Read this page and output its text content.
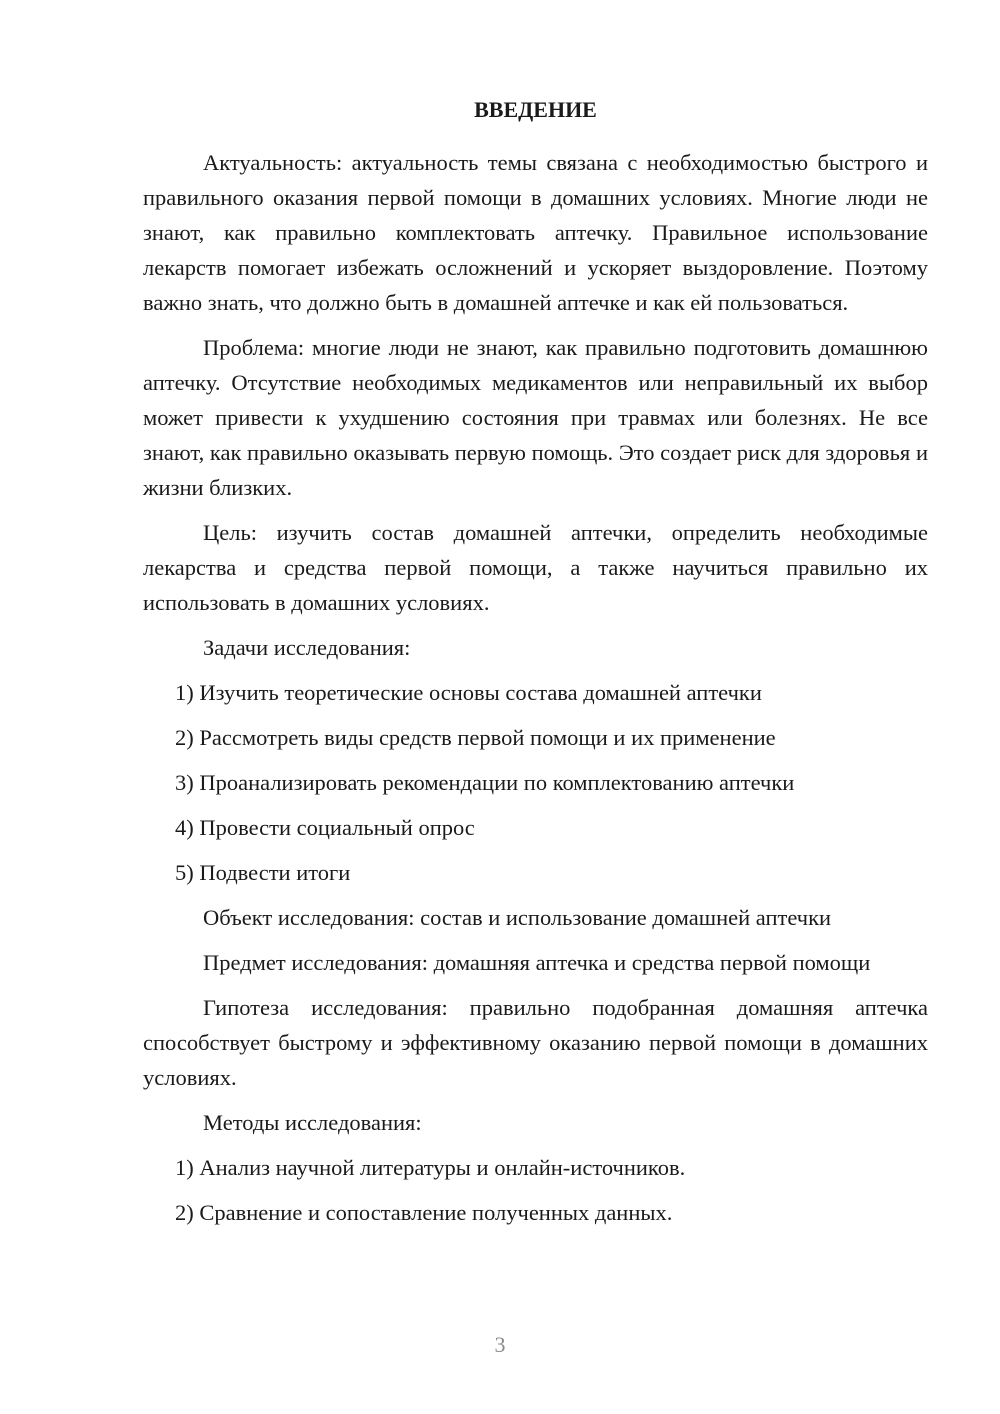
ВВЕДЕНИЕ

Актуальность: актуальность темы связана с необходимостью быстрого и правильного оказания первой помощи в домашних условиях. Многие люди не знают, как правильно комплектовать аптечку. Правильное использование лекарств помогает избежать осложнений и ускоряет выздоровление. Поэтому важно знать, что должно быть в домашней аптечке и как ей пользоваться.

Проблема: многие люди не знают, как правильно подготовить домашнюю аптечку. Отсутствие необходимых медикаментов или неправильный их выбор может привести к ухудшению состояния при травмах или болезнях. Не все знают, как правильно оказывать первую помощь. Это создает риск для здоровья и жизни близких.

Цель: изучить состав домашней аптечки, определить необходимые лекарства и средства первой помощи, а также научиться правильно их использовать в домашних условиях.

Задачи исследования:
1) Изучить теоретические основы состава домашней аптечки
2) Рассмотреть виды средств первой помощи и их применение
3) Проанализировать рекомендации по комплектованию аптечки
4) Провести социальный опрос
5) Подвести итоги
Объект исследования: состав и использование домашней аптечки

Предмет исследования: домашняя аптечка и средства первой помощи

Гипотеза исследования: правильно подобранная домашняя аптечка способствует быстрому и эффективному оказанию первой помощи в домашних условиях.

Методы исследования:
1) Анализ научной литературы и онлайн-источников.
2) Сравнение и сопоставление полученных данных.
3
